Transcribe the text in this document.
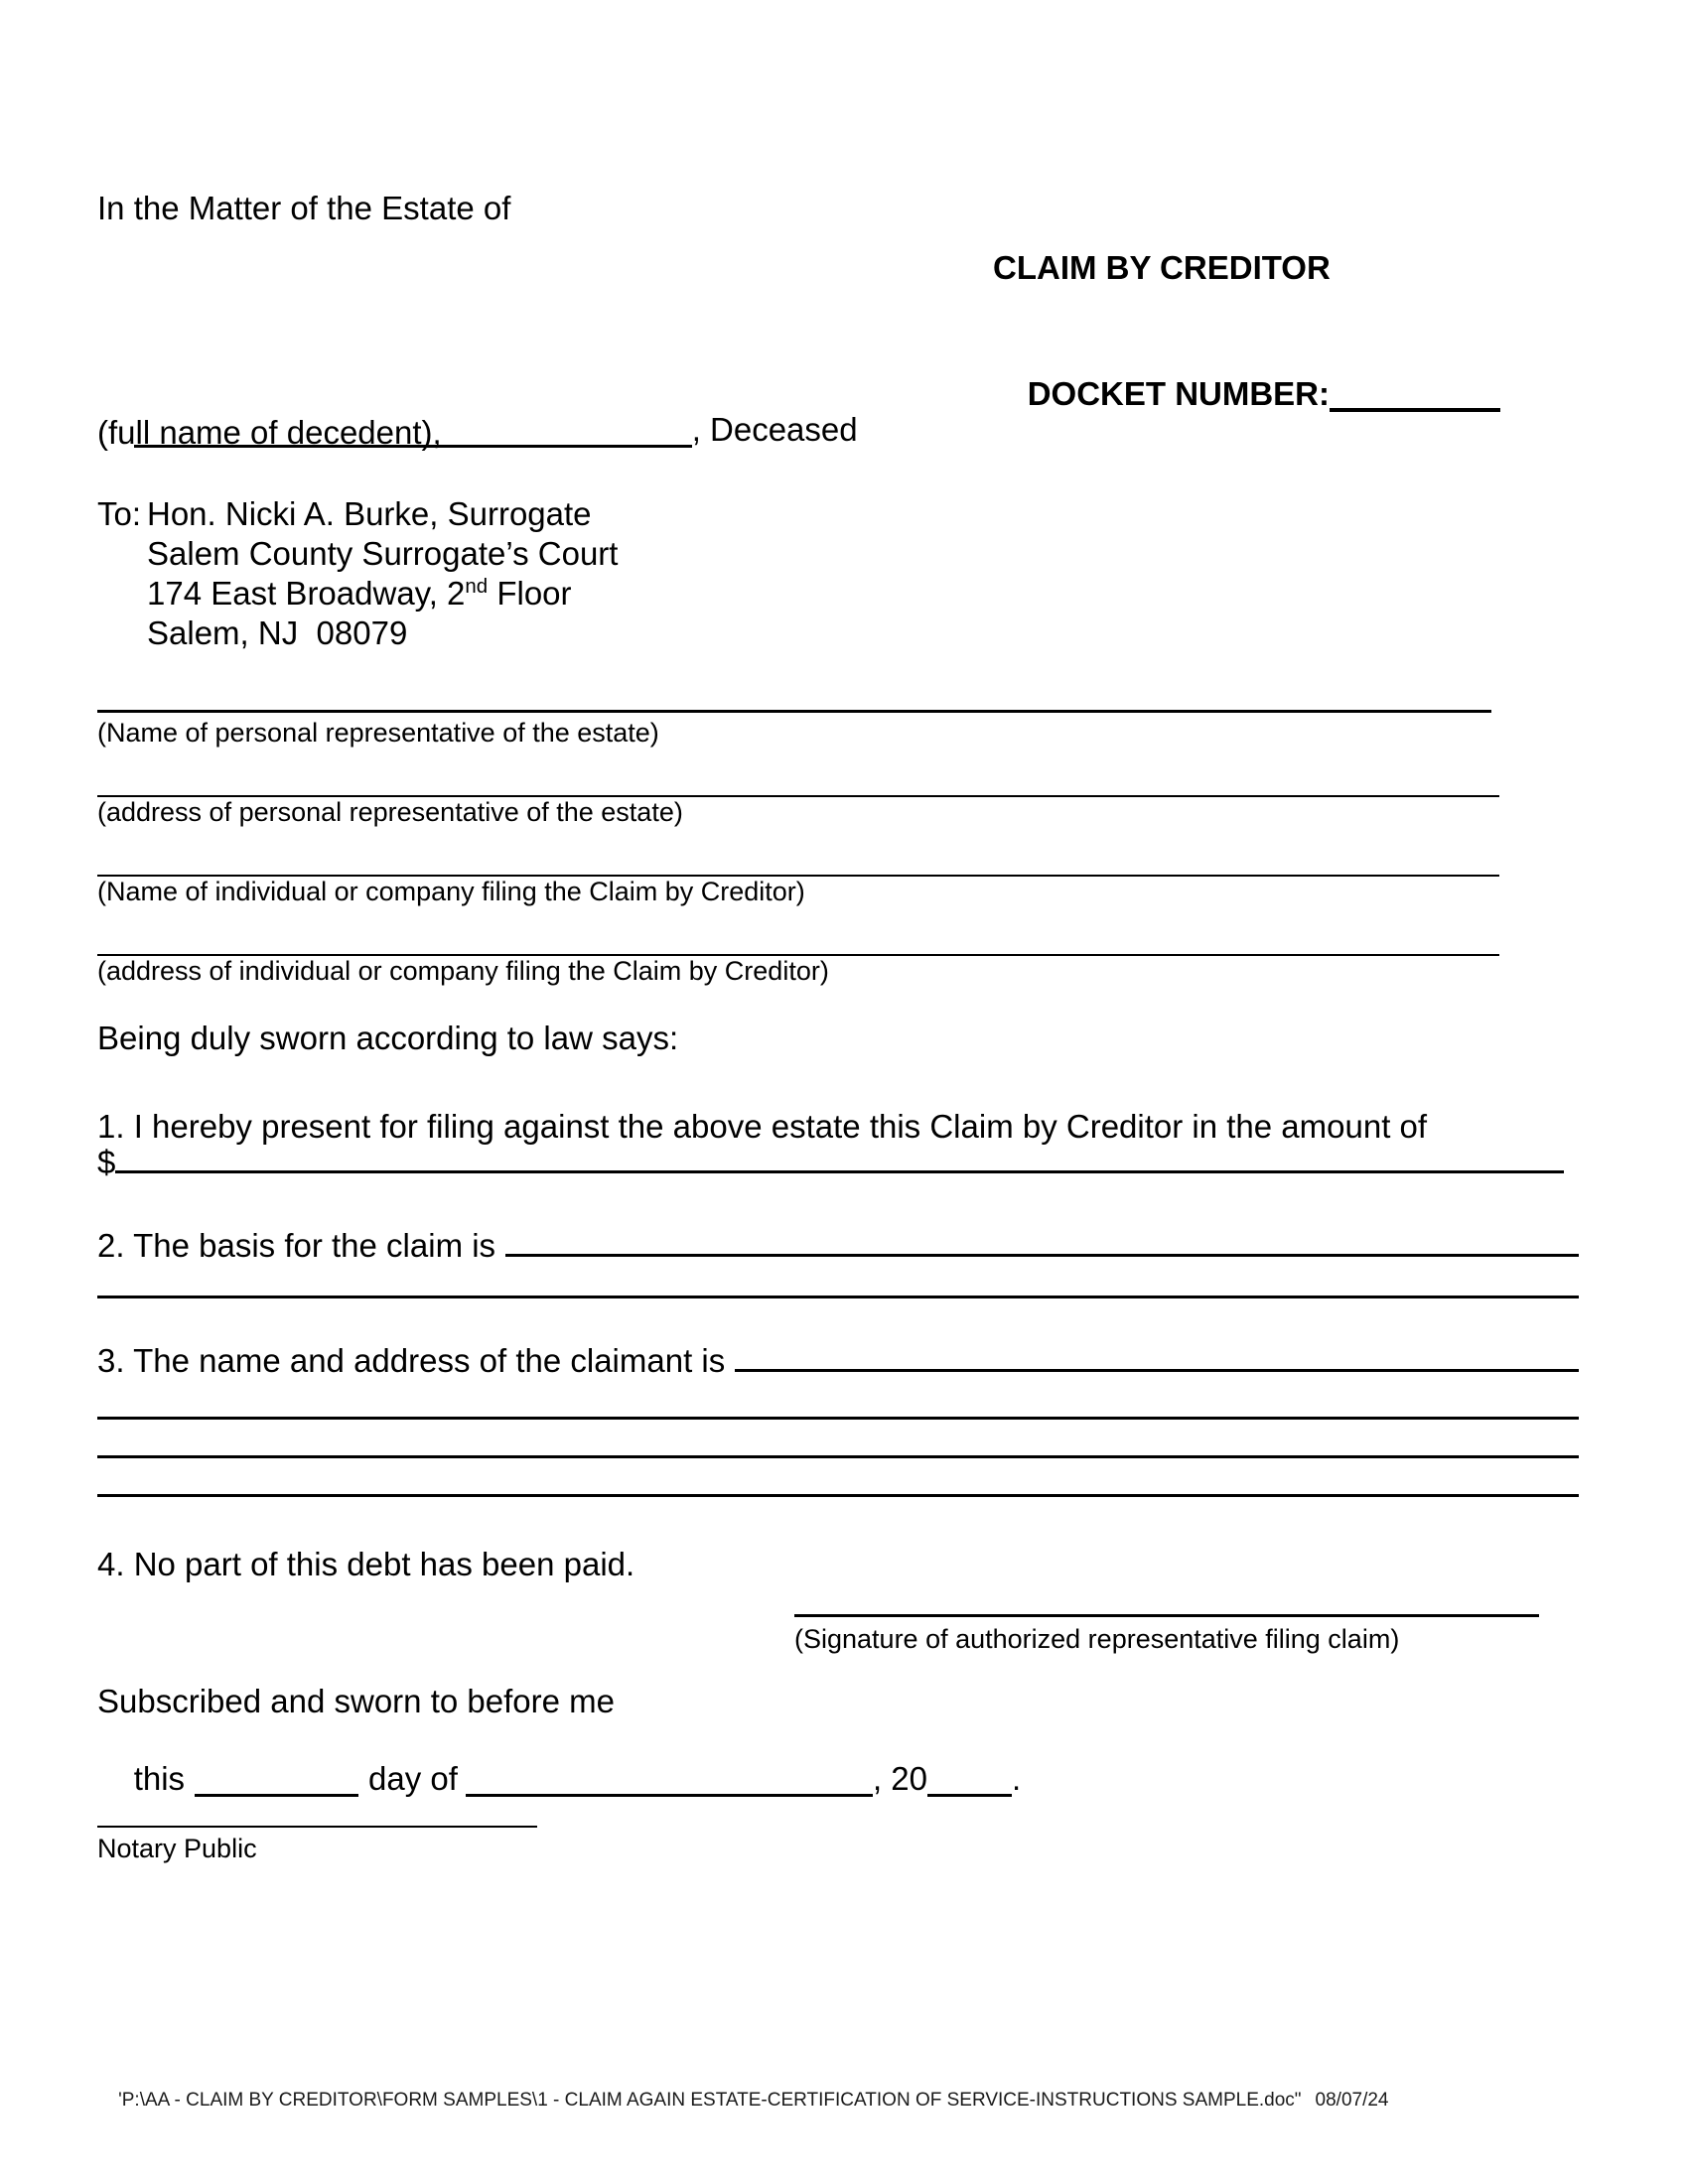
In the Matter of the Estate of
CLAIM BY CREDITOR

DOCKET NUMBER:

, Deceased

(full name of decedent),
To: Hon. Nicki A. Burke, Surrogate
Salem County Surrogate’s Court
174 East Broadway, 2nd Floor
Salem, NJ  08079
(Name of personal representative of the estate)
(address of personal representative of the estate)
(Name of individual or company filing the Claim by Creditor)
(address of individual or company filing the Claim by Creditor)
Being duly sworn according to law says:
1. I hereby present for filing against the above estate this Claim by Creditor in the amount of
$
2. The basis for the claim is
3. The name and address of the claimant is
4. No part of this debt has been paid.
(Signature of authorized representative filing claim)
Subscribed and sworn to before me

this	day of	, 20	.

Notary Public

'P:\AA - CLAIM BY CREDITOR\FORM SAMPLES\1 - CLAIM AGAIN ESTATE-CERTIFICATION OF SERVICE-INSTRUCTIONS SAMPLE.doc" 08/07/24
